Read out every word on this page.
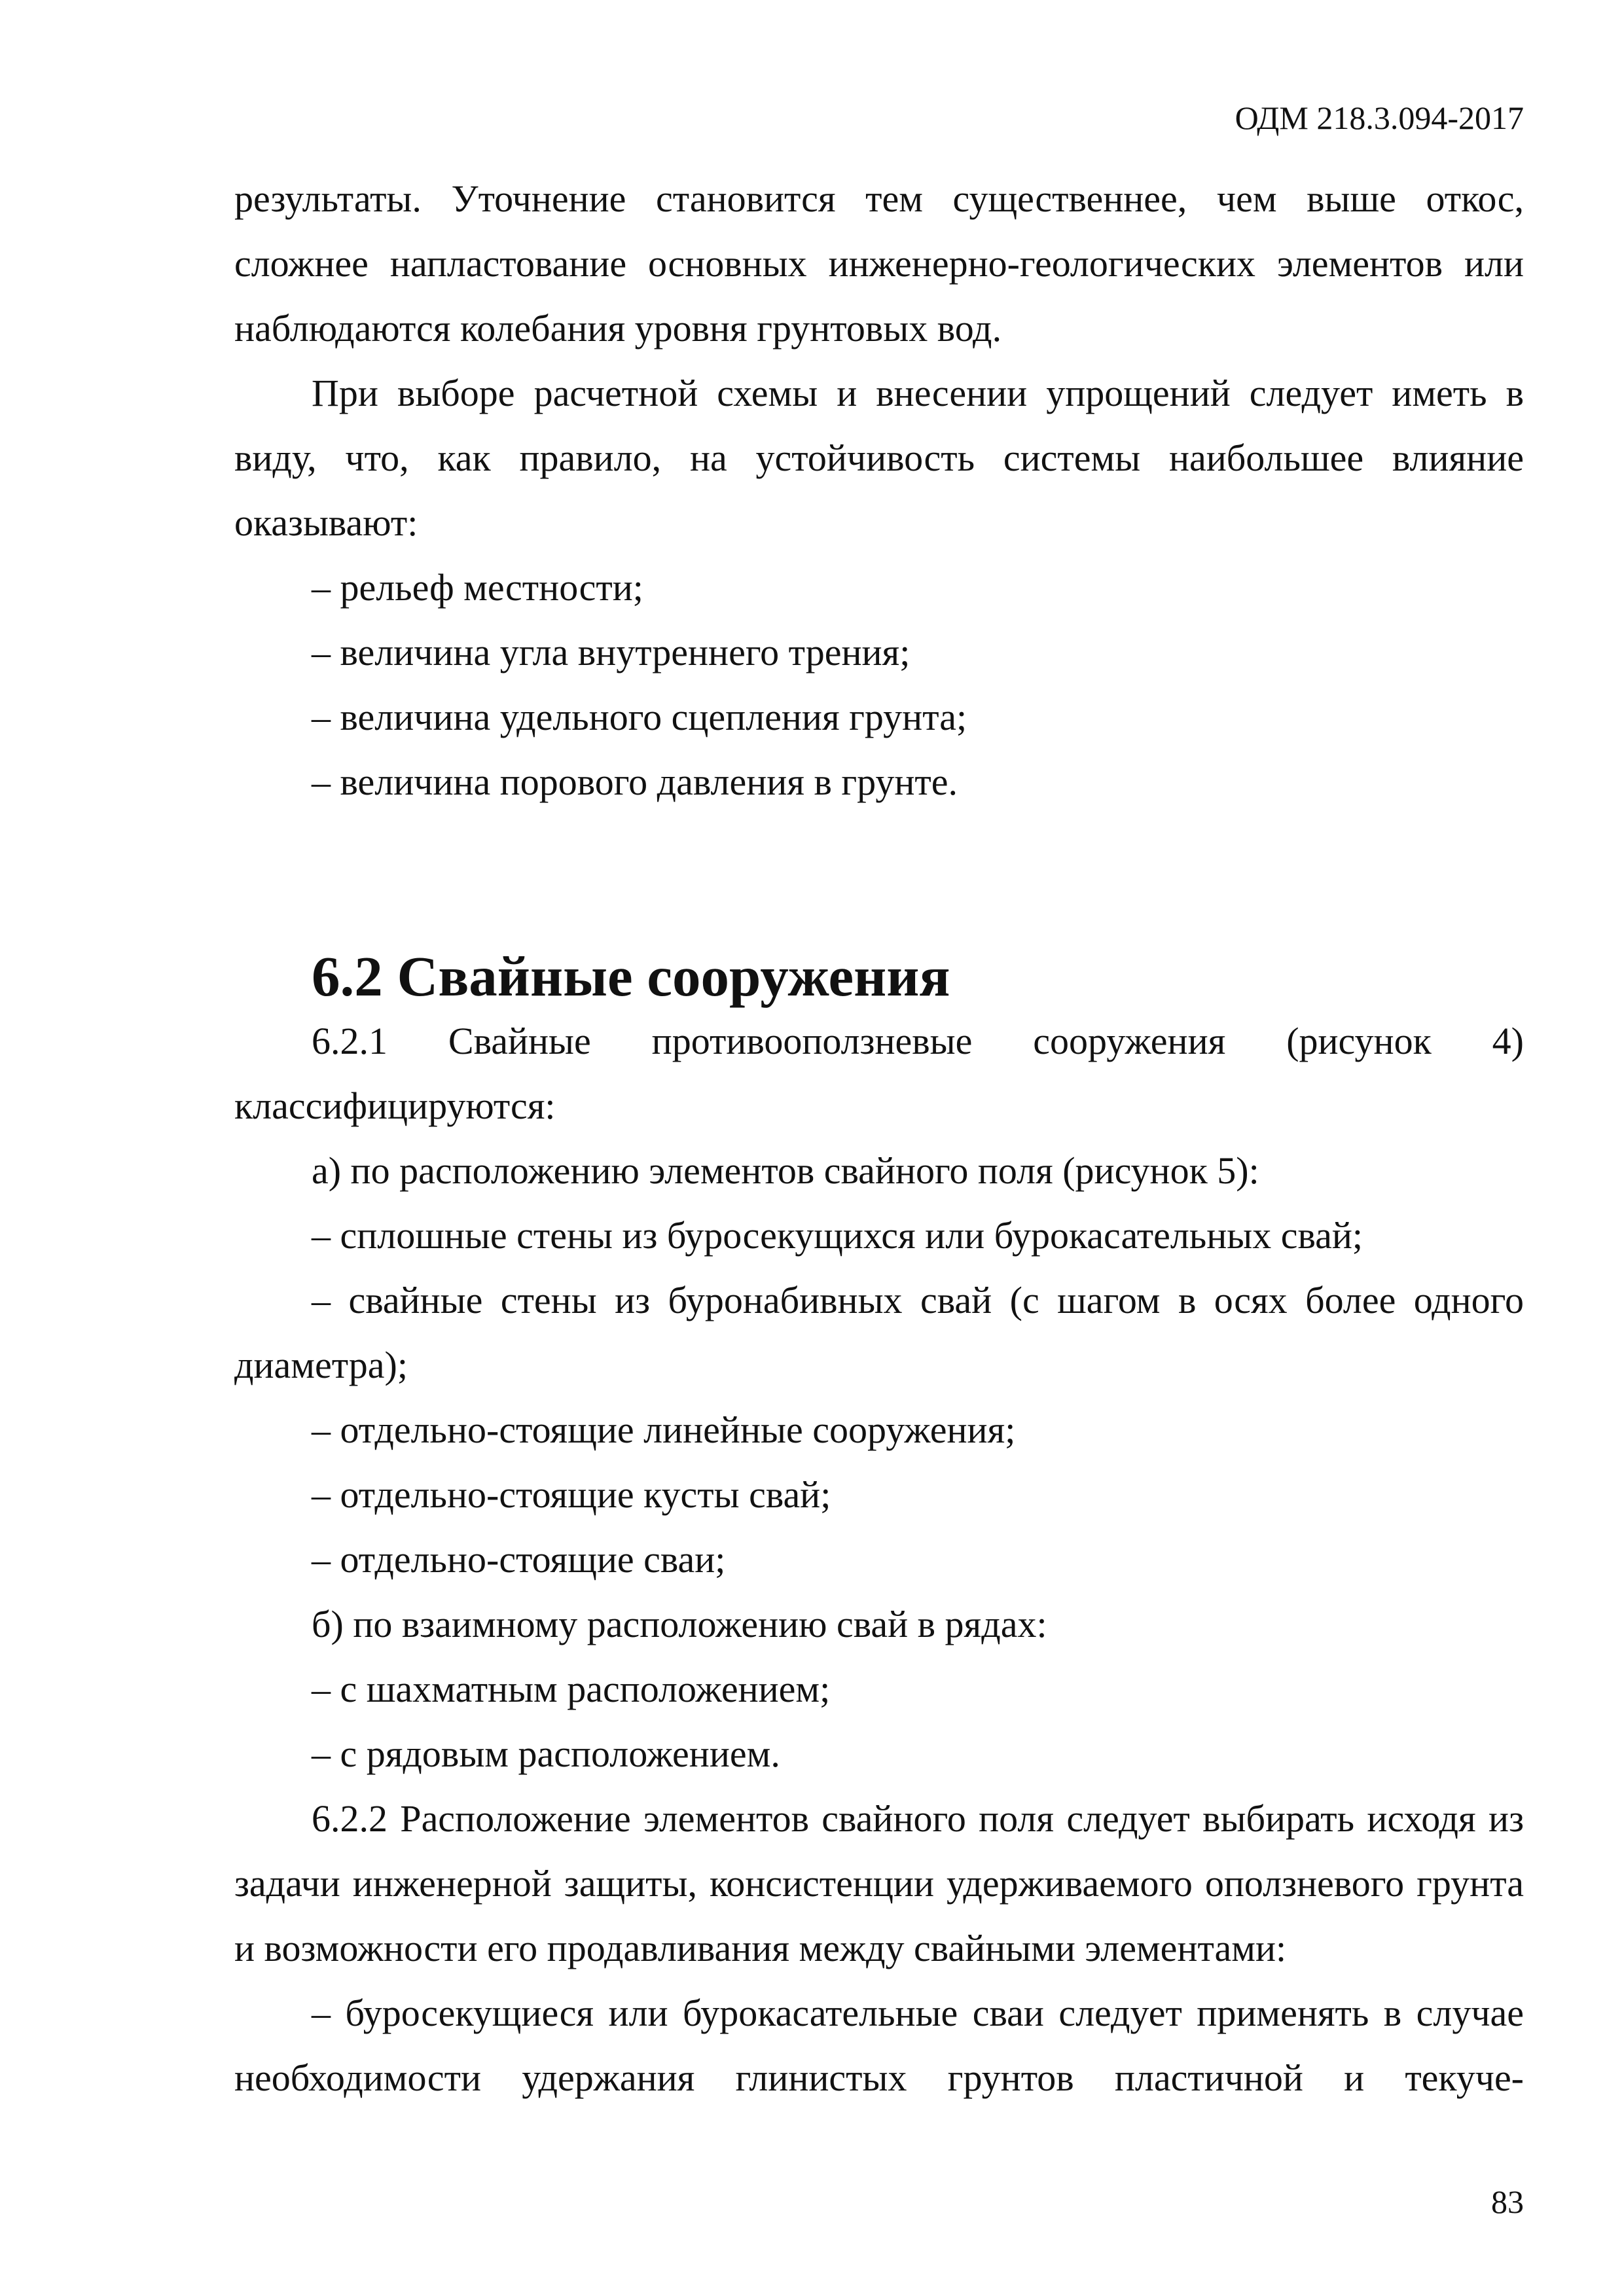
ОДМ 218.3.094-2017

результаты. Уточнение становится тем существеннее, чем выше откос, сложнее напластование основных инженерно-геологических элементов или наблюдаются колебания уровня грунтовых вод.

При выборе расчетной схемы и внесении упрощений следует иметь в виду, что, как правило, на устойчивость системы наибольшее влияние оказывают:

– рельеф местности;

– величина угла внутреннего трения;

– величина удельного сцепления грунта;

– величина порового давления в грунте.

6.2 Свайные сооружения

6.2.1 Свайные противооползневые сооружения (рисунок 4)

классифицируются:

а) по расположению элементов свайного поля (рисунок 5):

– сплошные стены из буросекущихся или бурокасательных свай;

– свайные стены из буронабивных свай (с шагом в осях более одного диаметра);

– отдельно-стоящие линейные сооружения;

– отдельно-стоящие кусты свай;

– отдельно-стоящие сваи;

б) по взаимному расположению свай в рядах:

– с шахматным расположением;

– с рядовым расположением.

6.2.2 Расположение элементов свайного поля следует выбирать исходя из задачи инженерной защиты, консистенции удерживаемого оползневого грунта и возможности его продавливания между свайными элементами:

– буросекущиеся или бурокасательные сваи следует применять в случае необходимости удержания глинистых грунтов пластичной и текуче-

83
